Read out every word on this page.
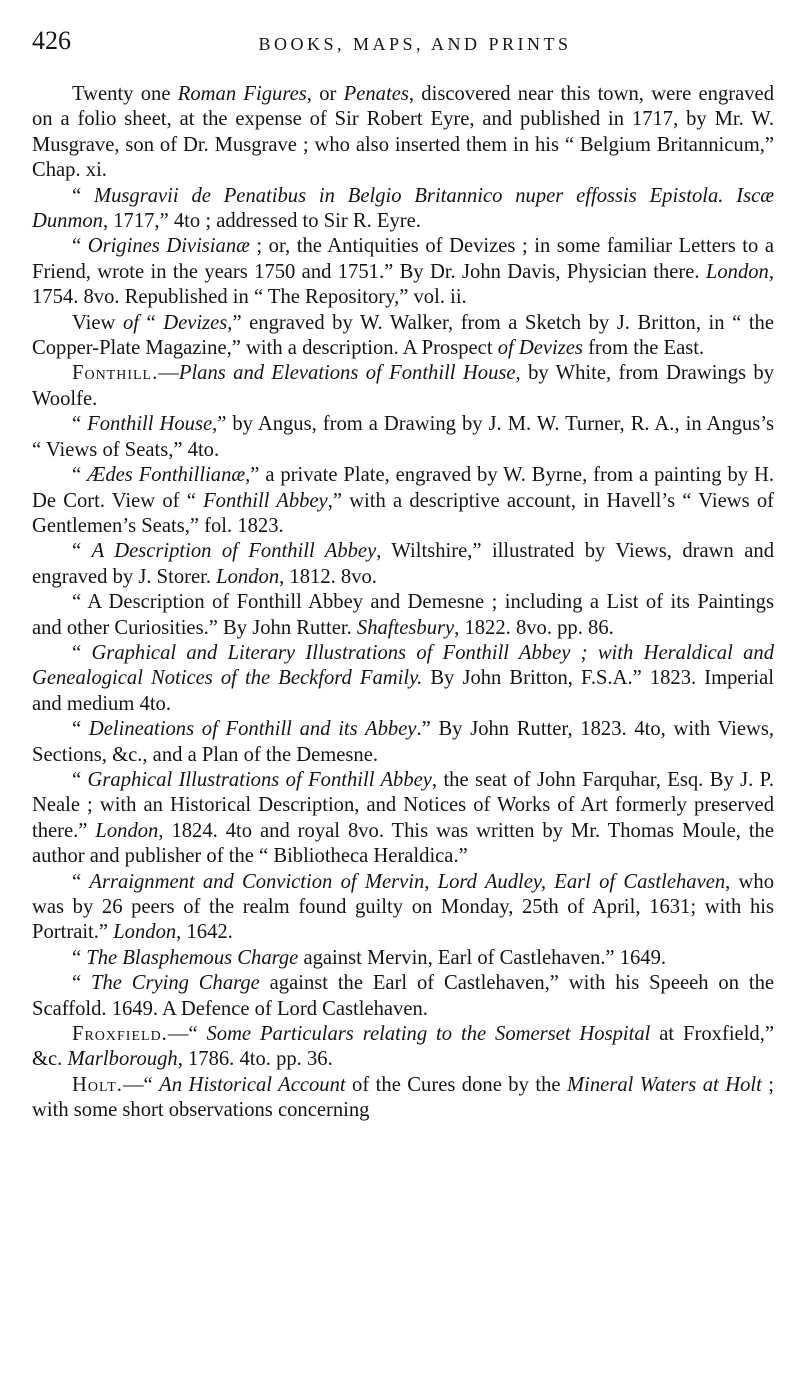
426	BOOKS, MAPS, AND PRINTS

Twenty one Roman Figures, or Penates, discovered near this town, were engraved on a folio sheet, at the expense of Sir Robert Eyre, and published in 1717, by Mr. W. Musgrave, son of Dr. Musgrave ; who also inserted them in his “ Belgium Britannicum,” Chap. xi.

“ Musgravii de Penatibus in Belgio Britannico nuper effossis Epistola. Iscæ Dunmon, 1717,” 4to ; addressed to Sir R. Eyre.

“ Origines Divisianæ ; or, the Antiquities of Devizes ; in some familiar Letters to a Friend, wrote in the years 1750 and 1751.” By Dr. John Davis, Physician there. London, 1754. 8vo. Republished in “ The Repository,” vol. ii.

View of “ Devizes,” engraved by W. Walker, from a Sketch by J. Britton, in “ the Copper-Plate Magazine,” with a description. A Prospect of Devizes from the East.

Fonthill.—Plans and Elevations of Fonthill House, by White, from Drawings by Woolfe.

“ Fonthill House,” by Angus, from a Drawing by J. M. W. Turner, R. A., in Angus’s “ Views of Seats,” 4to.

“ Ædes Fonthillianæ,” a private Plate, engraved by W. Byrne, from a painting by H. De Cort. View of “ Fonthill Abbey,” with a descriptive account, in Havell’s “ Views of Gentlemen’s Seats,” fol. 1823.

“ A Description of Fonthill Abbey, Wiltshire,” illustrated by Views, drawn and engraved by J. Storer. London, 1812. 8vo.

“ A Description of Fonthill Abbey and Demesne ; including a List of its Paintings and other Curiosities.” By John Rutter. Shaftesbury, 1822. 8vo. pp. 86.

“ Graphical and Literary Illustrations of Fonthill Abbey ; with Heraldical and Genealogical Notices of the Beckford Family. By John Britton, F.S.A.” 1823. Imperial and medium 4to.

“ Delineations of Fonthill and its Abbey.” By John Rutter, 1823. 4to, with Views, Sections, &c., and a Plan of the Demesne.

“ Graphical Illustrations of Fonthill Abbey, the seat of John Farquhar, Esq. By J. P. Neale ; with an Historical Description, and Notices of Works of Art formerly preserved there.” London, 1824. 4to and royal 8vo. This was written by Mr. Thomas Moule, the author and publisher of the “ Bibliotheca Heraldica.”

“ Arraignment and Conviction of Mervin, Lord Audley, Earl of Castlehaven, who was by 26 peers of the realm found guilty on Monday, 25th of April, 1631; with his Portrait.” London, 1642.

“ The Blasphemous Charge against Mervin, Earl of Castlehaven.” 1649.

“ The Crying Charge against the Earl of Castlehaven,” with his Speeeh on the Scaffold. 1649. A Defence of Lord Castlehaven.

Froxfield.—“ Some Particulars relating to the Somerset Hospital at Froxfield,” &c. Marlborough, 1786. 4to. pp. 36.

Holt.—“ An Historical Account of the Cures done by the Mineral Waters at Holt ; with some short observations concerning
